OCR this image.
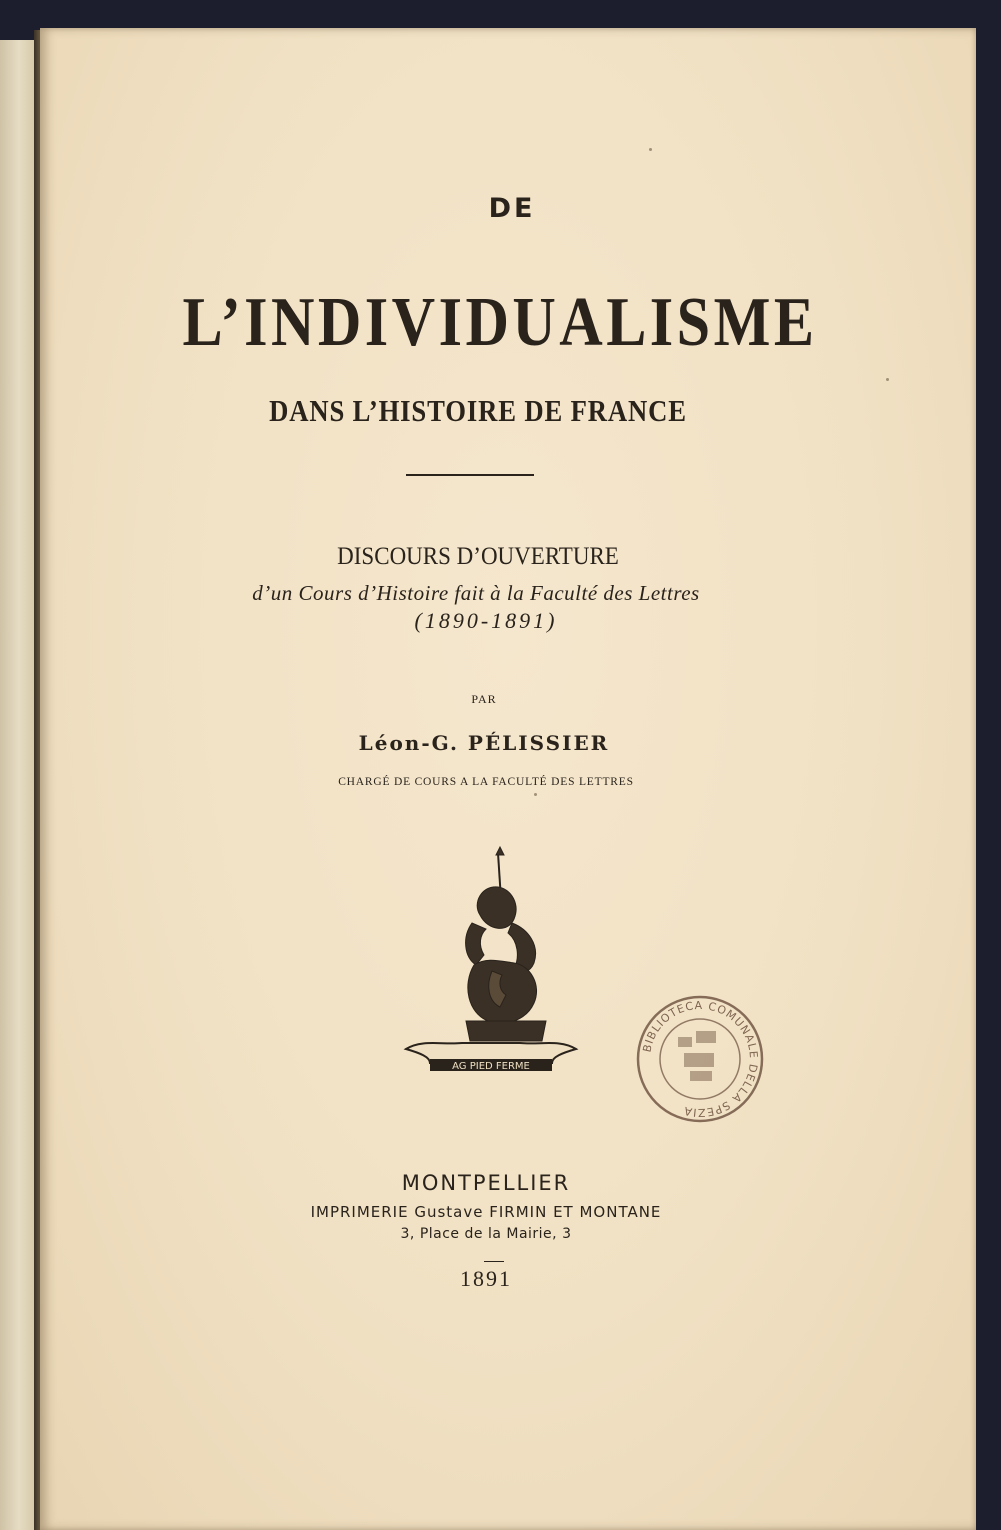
DE
L’INDIVIDUALISME
DANS L’HISTOIRE DE FRANCE
DISCOURS D’OUVERTURE
d’un Cours d’Histoire fait à la Faculté des Lettres
(1890-1891)
PAR
Léon-G. PÉLISSIER
CHARGÉ DE COURS A LA FACULTÉ DES LETTRES
AG PIED FERME
BIBLIOTECA COMUNALE DELLA SPEZIA
MONTPELLIER
IMPRIMERIE Gustave FIRMIN ET MONTANE
3, Place de la Mairie, 3
1891
